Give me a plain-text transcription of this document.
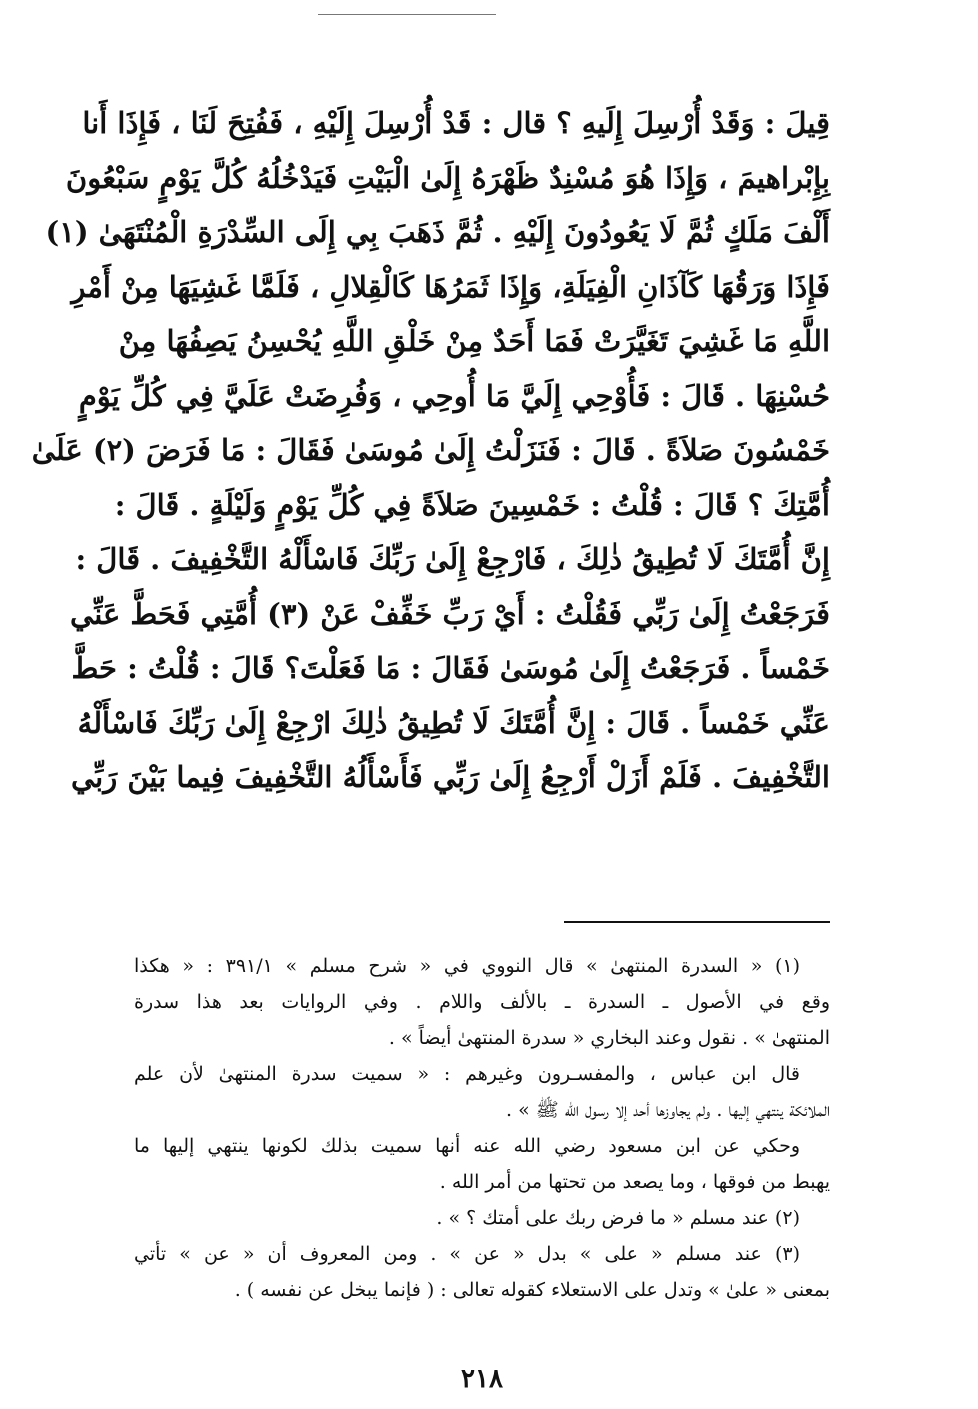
قِيلَ : وَقَدْ أُرْسِلَ إِلَيهِ ؟ قال : قَدْ أُرْسِلَ إِلَيْهِ ، فَفُتِحَ لَنَا ، فَإِذَا أَنا
بِإِبْراهيمَ ، وَإِذَا هُوَ مُسْنِدٌ ظَهْرَهُ إِلَىٰ الْبَيْتِ فَيَدْخُلُهُ كُلَّ يَوْمٍ سَبْعُونَ
أَلْفَ مَلَكٍ ثُمَّ لَا يَعُودُونَ إِلَيْهِ . ثُمَّ ذَهَبَ بِي إِلَى السِّدْرَةِ الْمُنْتَهَىٰ (١)
فَإِذَا وَرَقُهَا كَآذَانِ الْفِيَلَةِ، وَإِذَا ثَمَرُهَا كَالْقِلالِ ، فَلَمَّا غَشِيَهَا مِنْ أَمْرِ
اللَّهِ مَا غَشِيَ تَغَيَّرَتْ فَمَا أَحَدٌ مِنْ خَلْقِ اللَّهِ يُحْسِنُ يَصِفُهَا مِنْ
حُسْنِهَا . قَالَ : فَأُوْحِي إِلَيَّ مَا أُوحِي ، وَفُرِضَتْ عَلَيَّ فِي كُلِّ يَوْمٍ
خَمْسُونَ صَلاَةً . قَالَ : فَنَزَلْتُ إِلَىٰ مُوسَىٰ فَقَالَ : مَا فَرَضَ (٢) عَلَىٰ
أُمَّتِكَ ؟ قَالَ : قُلْتُ : خَمْسِينَ صَلاَةً فِي كُلِّ يَوْمٍ وَلَيْلَةٍ . قَالَ :
إِنَّ أُمَّتَكَ لَا تُطِيقُ ذٰلِكَ ، فَارْجِعْ إِلَىٰ رَبِّكَ فَاسْأَلْهُ التَّخْفِيفَ . قَالَ :
فَرَجَعْتُ إِلَىٰ رَبِّي فَقُلْتُ : أَيْ رَبِّ خَفِّفْ عَنْ (٣) أُمَّتِي فَحَطَّ عَنِّي
خَمْساً . فَرَجَعْتُ إِلَىٰ مُوسَىٰ فَقَالَ : مَا فَعَلْتَ؟ قَالَ : قُلْتُ : حَطَّ
عَنِّي خَمْساً . قَالَ : إِنَّ أُمَّتَكَ لَا تُطِيقُ ذٰلِكَ ارْجِعْ إِلَىٰ رَبِّكَ فَاسْأَلْهُ
التَّخْفِيفَ . فَلَمْ أَزَلْ أَرْجِعُ إِلَىٰ رَبِّي فَأَسْأَلُهُ التَّخْفِيفَ فِيما بَيْنَ رَبِّي
(١) « السدرة المنتهىٰ » قال النووي في « شرح مسلم » ٣٩١/١ : « هكذا
وقع في الأصول ـ السدرة ـ بالألف واللام . وفي الروايات بعد هذا سدرة
المنتهىٰ » . نقول وعند البخاري « سدرة المنتهىٰ أيضاً » .
قال ابن عباس ، والمفسـرون وغيرهم : « سميت سدرة المنتهىٰ لأن علم
الملائكة ينتهي إليها . ولم يجاوزها أحد إلا رسول الله ﷺ » .
وحكي عن ابن مسعود رضي الله عنه أنها سميت بذلك لكونها ينتهي إليها ما
يهبط من فوقها ، وما يصعد من تحتها من أمر الله .
(٢) عند مسلم « ما فرض ربك على أمتك ؟ » .
(٣) عند مسلم « على » بدل « عن » . ومن المعروف أن « عن » تأتي
بمعنى « علىٰ » وتدل على الاستعلاء كقوله تعالى : ( فإنما يبخل عن نفسه ) .
٢١٨
